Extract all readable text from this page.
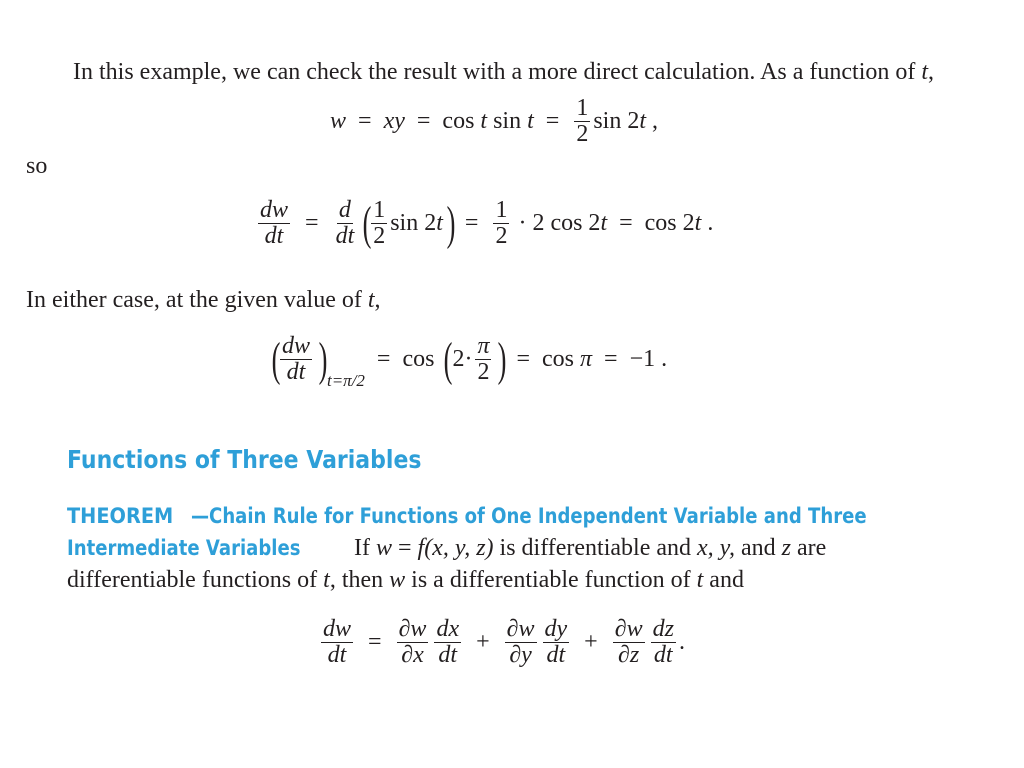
In this example, we can check the result with a more direct calculation. As a function of t,
w = xy = cos t $\sin t = \frac{1}{2}$ sin 2 t ,
so
$\frac{dw}{dt} = \frac{d}{dt}$ ( $\frac{1}{2}$ sin 2 t ) = $\frac{1}{2} \cdot 2$ cos 2 t = cos 2 t .
In either case, at the given value of t,
( $\frac{dw}{dt}$ ) t=π/2
= cos ( $2 \cdot \frac{\pi}{2}$ ) = cos π = −1 .
Functions of Three Variables
THEOREM —Chain Rule for Functions of One Independent Variable and Three
Intermediate Variables	If w = f(x, y, z) is differentiable and x, y, and z are
differentiable functions of t, then w is a differentiable function of t and
$\frac{dw}{dt} = \frac{\partial w}{\partial x} \frac{dx}{dt} + \frac{\partial w}{\partial y} \frac{dy}{dt} + \frac{\partial w}{\partial z} \frac{dz}{dt}$ .
